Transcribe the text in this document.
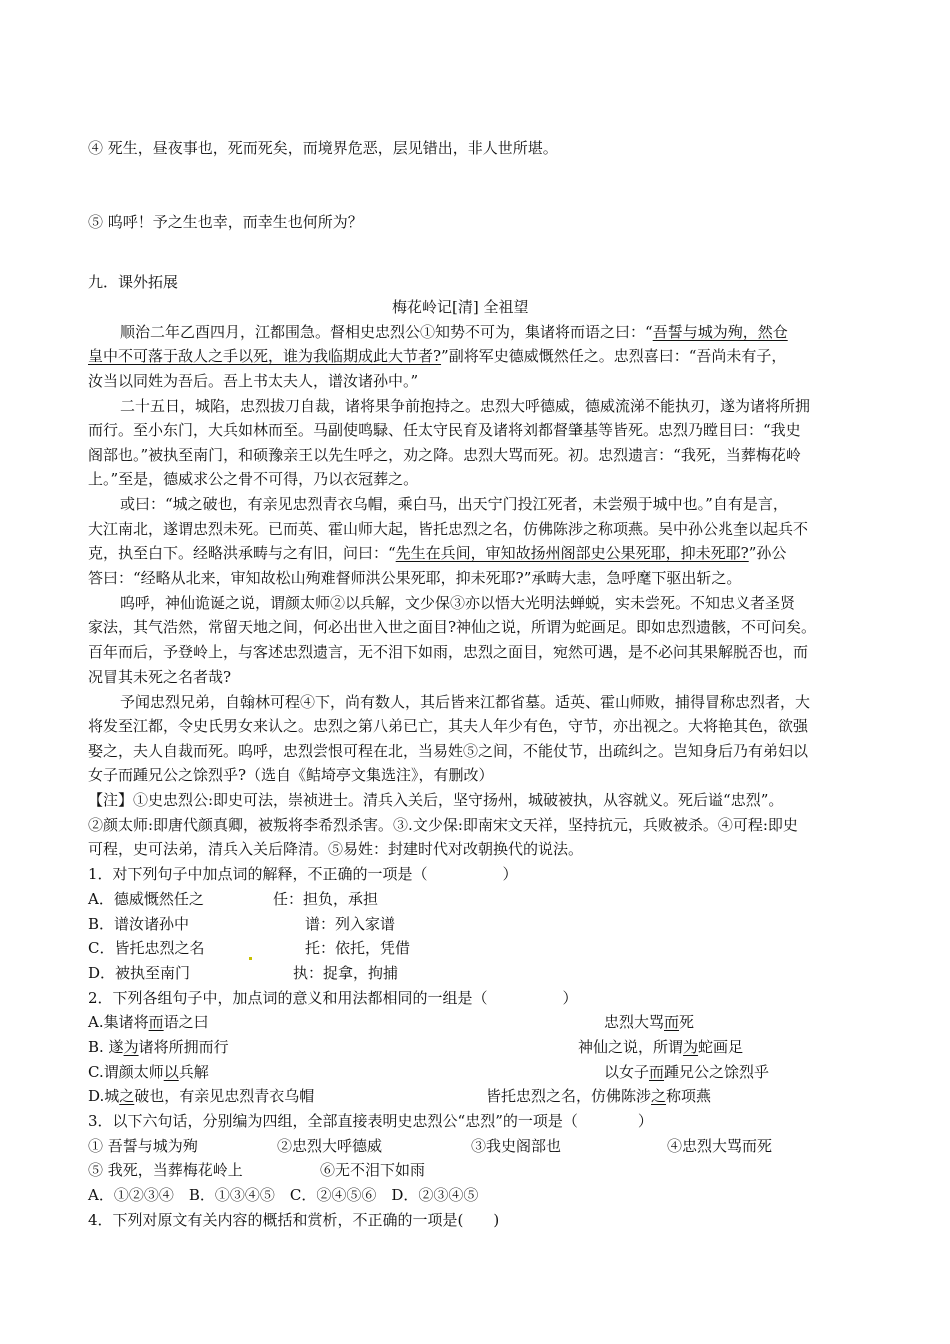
④ 死生，昼夜事也，死而死矣，而境界危恶，层见错出，非人世所堪。
⑤ 呜呼！予之生也幸，而幸生也何所为？
九．课外拓展
梅花岭记[清] 全祖望
顺治二年乙酉四月，江都围急。督相史忠烈公①知势不可为，集诸将而语之曰：“吾誓与城为殉，然仓
皇中不可落于敌人之手以死，谁为我临期成此大节者?”副将军史德威慨然任之。忠烈喜曰：“吾尚未有子，
汝当以同姓为吾后。吾上书太夫人，谱汝诸孙中。”
二十五日，城陷，忠烈拔刀自裁，诸将果争前抱持之。忠烈大呼德威，德威流涕不能执刃，遂为诸将所拥
而行。至小东门，大兵如林而至。马副使鸣騄、任太守民育及诸将刘都督肇基等皆死。忠烈乃瞠目曰：“我史
阁部也。”被执至南门，和硕豫亲王以先生呼之，劝之降。忠烈大骂而死。初。忠烈遗言：“我死，当葬梅花岭
上。”至是，德威求公之骨不可得，乃以衣冠葬之。
或曰：“城之破也，有亲见忠烈青衣乌帽，乘白马，出天宁门投江死者，未尝殒于城中也。”自有是言，
大江南北，遂谓忠烈未死。已而英、霍山师大起，皆托忠烈之名，仿佛陈涉之称项燕。吴中孙公兆奎以起兵不
克，执至白下。经略洪承畴与之有旧，问曰：“先生在兵间，审知故扬州阁部史公果死耶，抑未死耶?”孙公
答曰：“经略从北来，审知故松山殉难督师洪公果死耶，抑未死耶?”承畴大恚，急呼麾下驱出斩之。
呜呼，神仙诡诞之说，谓颜太师②以兵解，文少保③亦以悟大光明法蝉蜕，实未尝死。不知忠义者圣贤
家法，其气浩然，常留天地之间，何必出世入世之面目?神仙之说，所谓为蛇画足。即如忠烈遗骸，不可问矣。
百年而后，予登岭上，与客述忠烈遗言，无不泪下如雨，忠烈之面目，宛然可遇，是不必问其果解脱否也，而
况冒其未死之名者哉?
予闻忠烈兄弟，自翰林可程④下，尚有数人，其后皆来江都省墓。适英、霍山师败，捕得冒称忠烈者，大
将发至江都，令史氏男女来认之。忠烈之第八弟已亡，其夫人年少有色，守节，亦出视之。大将艳其色，欲强
娶之，夫人自裁而死。呜呼，忠烈尝恨可程在北，当易姓⑤之间，不能仗节，出疏纠之。岂知身后乃有弟妇以
女子而踵兄公之馀烈乎?（选自《鲒埼亭文集选注》，有删改）
【注】①史忠烈公:即史可法，崇祯进士。清兵入关后，坚守扬州，城破被执，从容就义。死后谥“忠烈”。
②颜太师:即唐代颜真卿，被叛将李希烈杀害。③.文少保:即南宋文天祥，坚持抗元，兵败被杀。④可程:即史
可程，史可法弟，清兵入关后降清。⑤易姓：封建时代对改朝换代的说法。
1．对下列句子中加点词的解释，不正确的一项是（　　　　　）
A．德威慨然任之	任：担负，承担
B．谱汝诸孙中	谱：列入家谱
C．皆托忠烈之名	托：依托，凭借
D．被执至南门	执：捉拿，拘捕
2．下列各组句子中，加点词的意义和用法都相同的一组是（　　　　　）
A.集诸将而语之曰	忠烈大骂而死
B. 遂为诸将所拥而行	神仙之说，所谓为蛇画足
C.谓颜太师以兵解	以女子而踵兄公之馀烈乎
D.城之破也，有亲见忠烈青衣乌帽	皆托忠烈之名，仿佛陈涉之称项燕
3．以下六句话，分别编为四组，全部直接表明史忠烈公“忠烈”的一项是（　　　　）
① 吾誓与城为殉	②忠烈大呼德威	③我史阁部也	④忠烈大骂而死
⑤ 我死，当葬梅花岭上	⑥无不泪下如雨
A．①②③④　B．①③④⑤　C．②④⑤⑥　D．②③④⑤
4．下列对原文有关内容的概括和赏析，不正确的一项是(　　)
